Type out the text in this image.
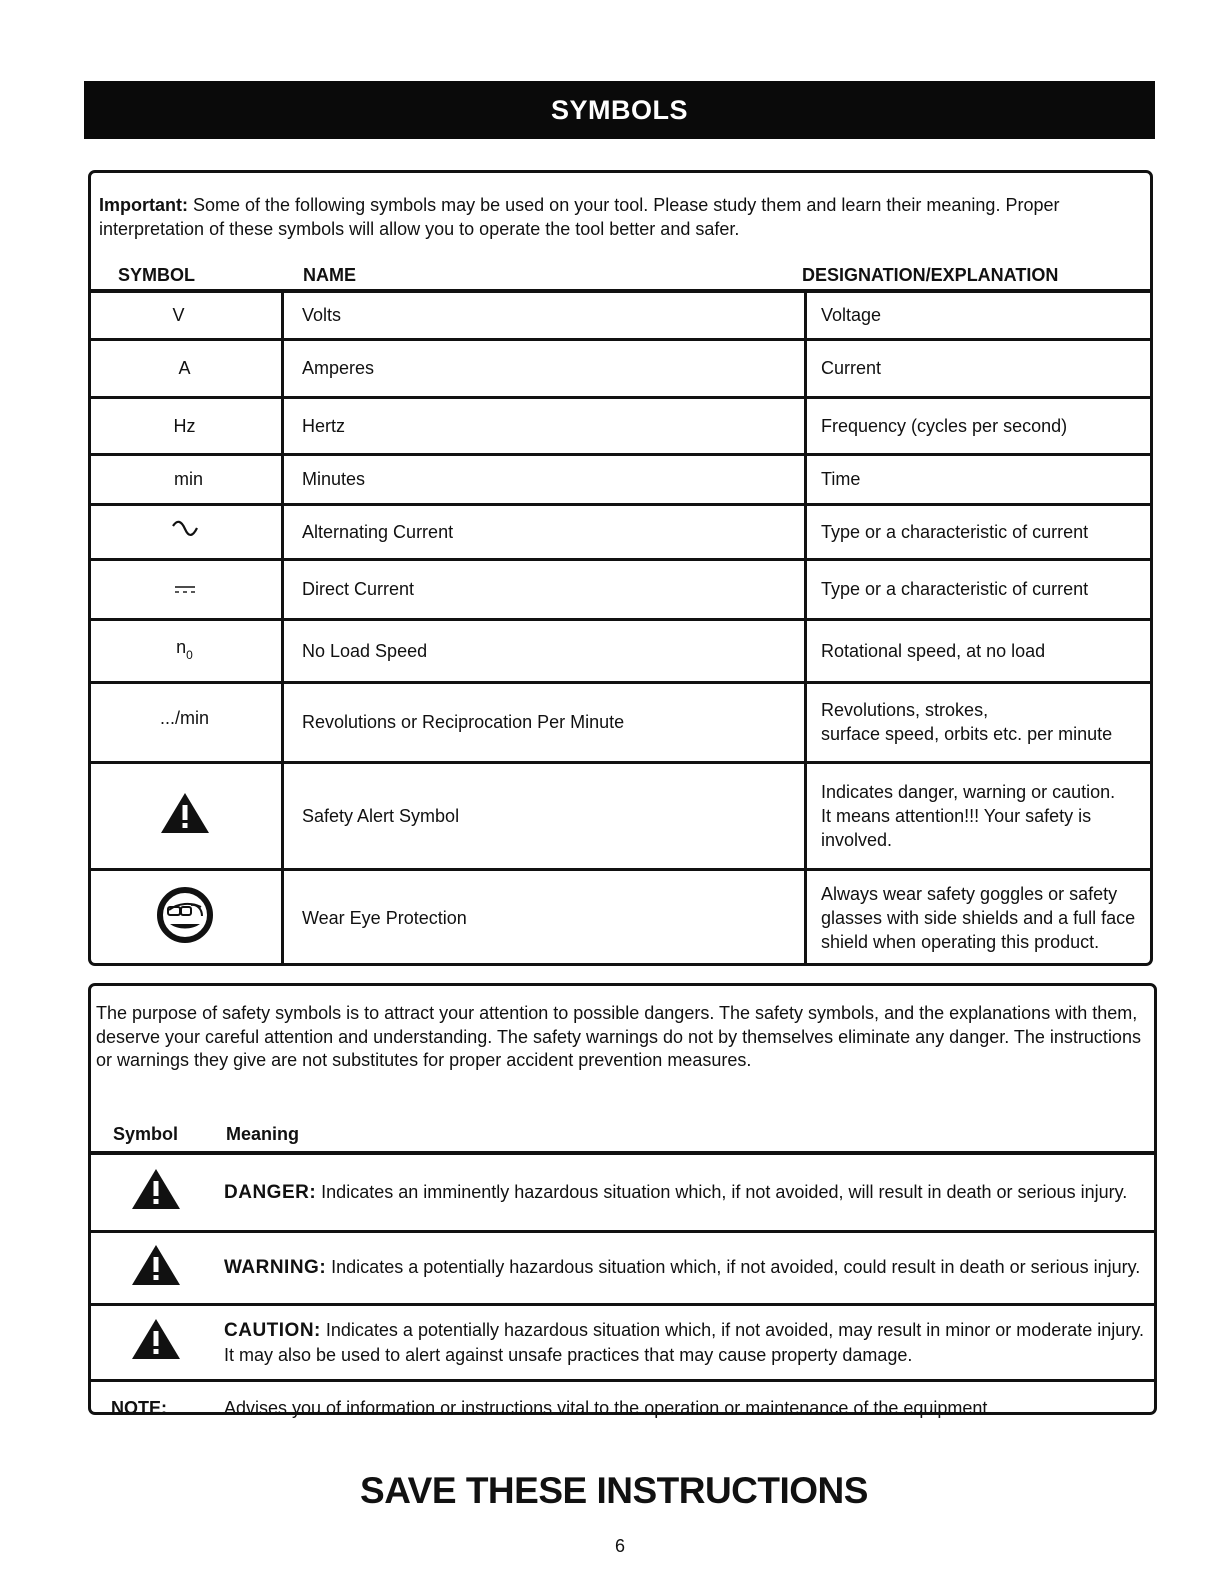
SYMBOLS
Important: Some of the following symbols may be used on your tool. Please study them and learn their meaning. Proper interpretation of these symbols will allow you to operate the tool better and safer.
SYMBOL	NAME	DESIGNATION/EXPLANATION
V	Volts	Voltage
A	Amperes	Current
Hz	Hertz	Frequency (cycles per second)
min	Minutes	Time
	Alternating Current	Type or a characteristic of current
	Direct Current	Type or a characteristic of current
$n_0$	No Load Speed	Rotational speed, at no load
.../min	Revolutions or Reciprocation Per Minute	Revolutions, strokes,
surface speed, orbits etc. per minute

	Safety Alert Symbol	Indicates danger, warning or caution.
It means attention!!! Your safety is
involved.

	Wear Eye Protection	Always wear safety goggles or safety
glasses with side shields and a full face
shield when operating this product.
The purpose of safety symbols is to attract your attention to possible dangers. The safety symbols, and the explanations with them, deserve your careful attention and understanding. The safety warnings do not by themselves eliminate any danger. The instructions or warnings they give are not substitutes for proper accident prevention measures.
Symbol	Meaning
	DANGER: Indicates an imminently hazardous situation which, if not avoided, will result in death or serious injury.
	WARNING: Indicates a potentially hazardous situation which, if not avoided, could result in death or serious injury.
	CAUTION: Indicates a potentially hazardous situation which, if not avoided, may result in minor or moderate injury. It may also be used to alert against unsafe practices that may cause property damage.
NOTE:	Advises you of information or instructions vital to the operation or maintenance of the equipment.
SAVE THESE INSTRUCTIONS
6
